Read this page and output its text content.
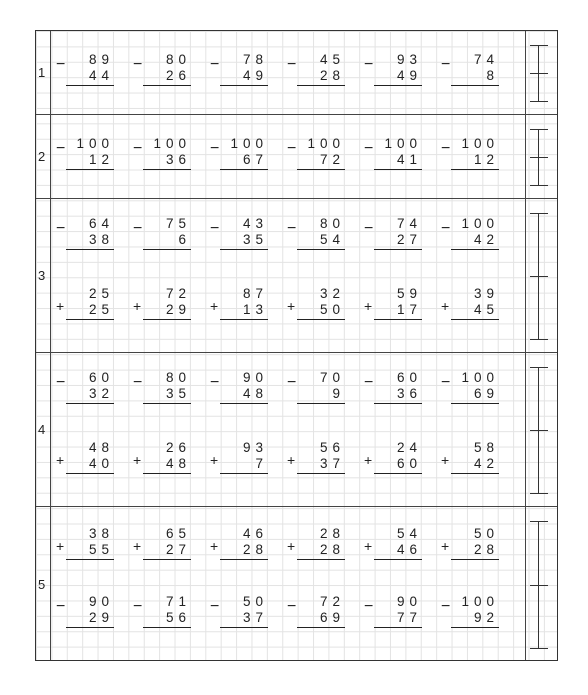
1 − 89
44
− 80
26
− 78
49
− 45
28
− 93
49
− 74
8
2 − 100
12
− 100
36
− 100
67
− 100
72
− 100
41
− 100
12
3
− 64
38
− 75
6
− 43
35
− 80
54
− 74
27
− 100
42
+
25
25 +
72
29 +
87
13 +
32
50 +
59
17 +
39
45
4
− 60
32
− 80
35
− 90
48
− 70
9
− 60
36
− 100
69
+
48
40 +
26
48 +
93
7 +
56
37 +
24
60 +
58
42
5
+
38
55 +
65
27 +
46
28 +
28
28 +
54
46 +
50
28
− 90
29
− 71
56
− 50
37
− 72
69
− 90
77
− 100
92
